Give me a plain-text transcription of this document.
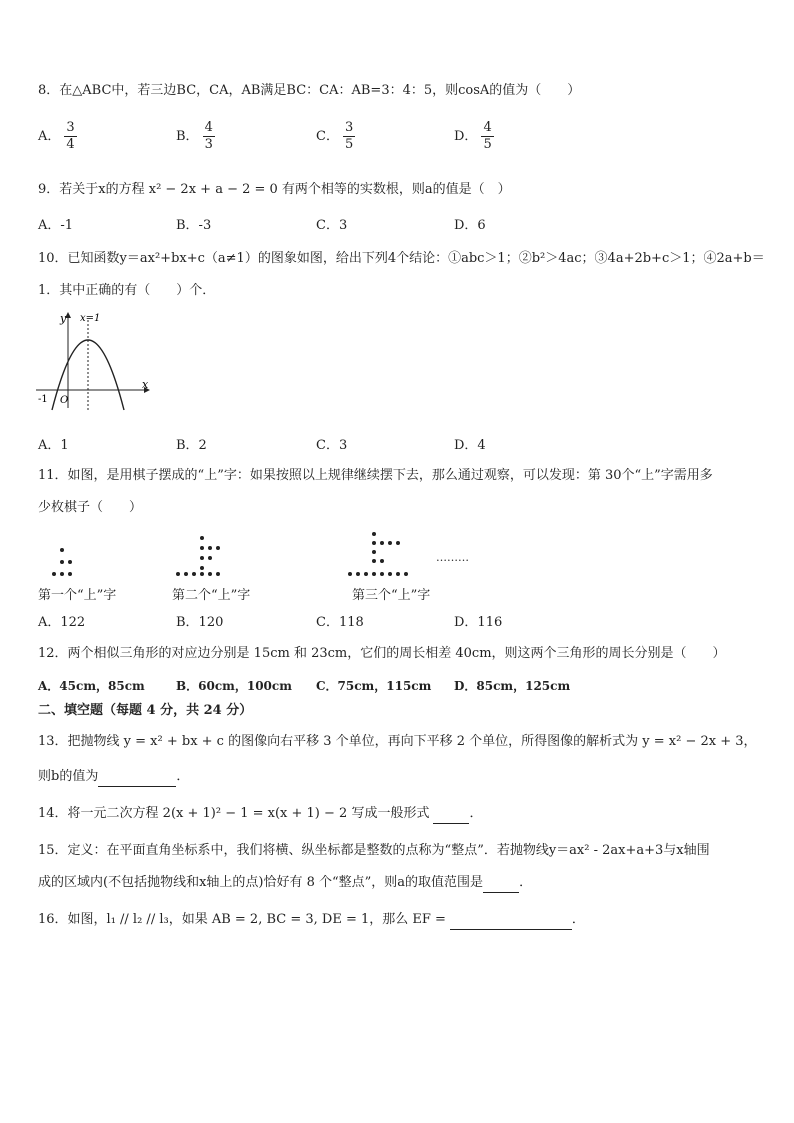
8．在△ABC中，若三边BC，CA，AB满足BC：CA：AB=3：4：5，则cosA的值为（　　）
A． $\frac{3}{4}$	B． $\frac{4}{3}$	C． $\frac{3}{5}$	D． $\frac{4}{5}$
9．若关于x的方程 x² − 2x + a − 2 = 0 有两个相等的实数根，则a的值是（　）
A．-1	B．-3	C．3	D．6
10．已知函数y＝ax²+bx+c（a≠1）的图象如图，给出下列4个结论：①abc＞1；②b²＞4ac；③4a+2b+c＞1；④2a+b＝
1．其中正确的有（　　）个．
y
x
x=1
O
-1
A．1	B．2	C．3	D．4
11．如图，是用棋子摆成的“上”字：如果按照以上规律继续摆下去，那么通过观察，可以发现：第 30个“上”字需用多
少枚棋子（　　）
………
第一个“上”字	第二个“上”字	第三个“上”字
A．122	B．120	C．118	D．116
12．两个相似三角形的对应边分别是 15cm 和 23cm，它们的周长相差 40cm，则这两个三角形的周长分别是（　　）
A．45cm，85cm	B．60cm，100cm C．75cm，115cm D．85cm，125cm
二、填空题（每题 4 分，共 24 分）
13．把抛物线 y = x² + bx + c 的图像向右平移 3 个单位，再向下平移 2 个单位，所得图像的解析式为 y = x² − 2x + 3，
则b的值为	．
14．将一元二次方程 2(x + 1)² − 1 = x(x + 1) − 2 写成一般形式	．
15．定义：在平面直角坐标系中，我们将横、纵坐标都是整数的点称为“整点”．若抛物线y＝ax² - 2ax+a+3与x轴围
成的区域内(不包括抛物线和x轴上的点)恰好有 8 个“整点”，则a的取值范围是	．
16．如图，l₁ // l₂ // l₃，如果 AB = 2, BC = 3, DE = 1，那么 EF =	．
